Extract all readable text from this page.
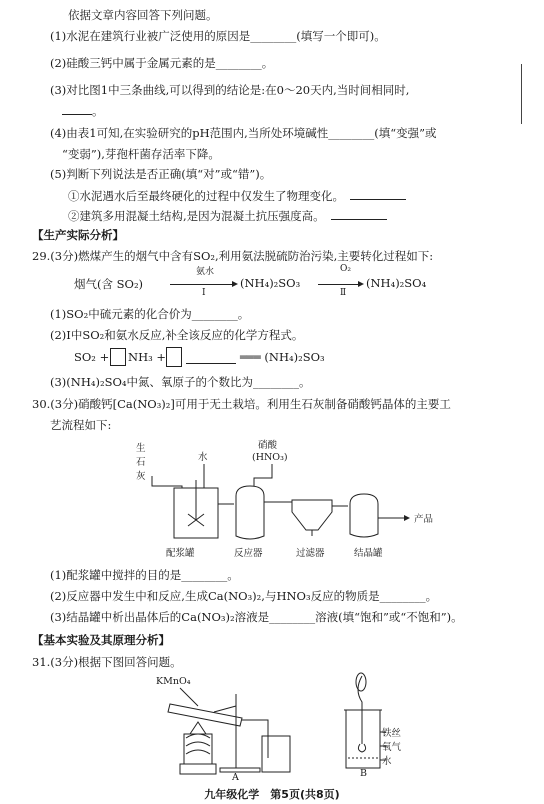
依据文章内容回答下列问题。
(1)水泥在建筑行业被广泛使用的原因是________(填写一个即可)。
(2)硅酸三钙中属于金属元素的是________。
(3)对比图1中三条曲线,可以得到的结论是:在0～20天内,当时间相同时,
。
(4)由表1可知,在实验研究的pH范围内,当所处环境碱性________(填“变强”或
“变弱”),芽孢杆菌存活率下降。
(5)判断下列说法是否正确(填“对”或“错”)。
①水泥遇水后至最终硬化的过程中仅发生了物理变化。
②建筑多用混凝土结构,是因为混凝土抗压强度高。
【生产实际分析】
29.(3分)燃煤产生的烟气中含有SO₂,利用氨法脱硫防治污染,主要转化过程如下:
烟气(含 SO₂)
氨水
Ⅰ
(NH₄)₂SO₃
O₂
Ⅱ
(NH₄)₂SO₄
(1)SO₂中硫元素的化合价为________。
(2)Ⅰ中SO₂和氨水反应,补全该反应的化学方程式。
SO₂ + NH₃ +	═══ (NH₄)₂SO₃
(3)(NH₄)₂SO₄中氮、氧原子的个数比为________。
30.(3分)硝酸钙[Ca(NO₃)₂]可用于无土栽培。利用生石灰制备硝酸钙晶体的主要工
艺流程如下:
生
石
灰
水
硝酸
(HNO₃)
产品
配浆罐	反应器	过滤器	结晶罐
(1)配浆罐中搅拌的目的是________。
(2)反应器中发生中和反应,生成Ca(NO₃)₂,与HNO₃反应的物质是________。
(3)结晶罐中析出晶体后的Ca(NO₃)₂溶液是________溶液(填“饱和”或“不饱和”)。
【基本实验及其原理分析】
31.(3分)根据下图回答问题。
KMnO₄
A	B
铁丝
氧气
水
九年级化学　第5页(共8页)
